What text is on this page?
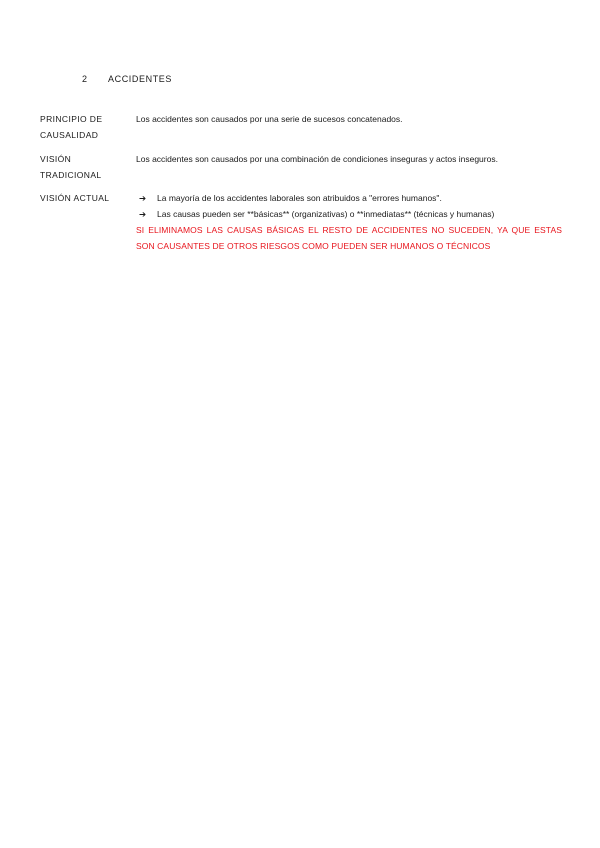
2 ACCIDENTES
PRINCIPIO DE CAUSALIDAD
Los accidentes son causados por una serie de sucesos concatenados.
VISIÓN TRADICIONAL
Los accidentes son causados por una combinación de condiciones inseguras y actos inseguros.
VISIÓN ACTUAL	➔ La mayoría de los accidentes laborales son atribuidos a "errores humanos".
➔ Las causas pueden ser **básicas** (organizativas) o **inmediatas** (técnicas y humanas)
SI ELIMINAMOS LAS CAUSAS BÁSICAS EL RESTO DE ACCIDENTES NO SUCEDEN, YA QUE ESTAS SON CAUSANTES DE OTROS RIESGOS COMO PUEDEN SER HUMANOS O TÉCNICOS
